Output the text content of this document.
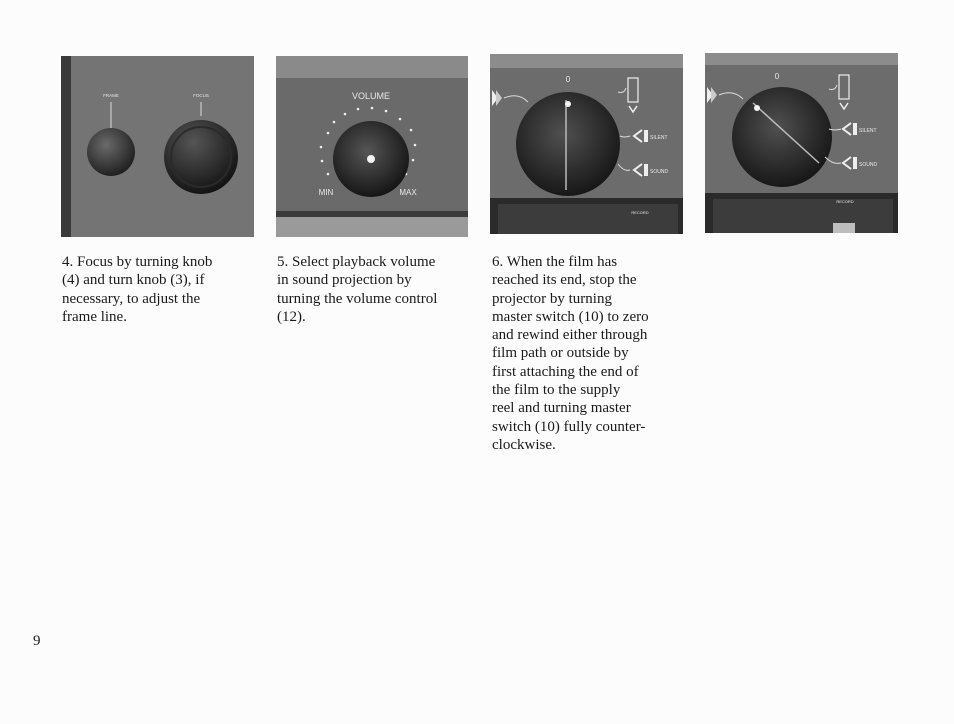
FRAME	FOCUS	VOLUME
MIN	MAX
RECORD
0
SILENT
SOUND
RECORD
0
SILENT
SOUND
4. Focus by turning knob
(4) and turn knob (3), if
necessary, to adjust the
frame line.
5. Select playback volume
in sound projection by
turning the volume control
(12).
6. When the film has
reached its end, stop the
projector by turning
master switch (10) to zero
and rewind either through
film path or outside by
first attaching the end of
the film to the supply
reel and turning master
switch (10) fully counter-
clockwise.
9
